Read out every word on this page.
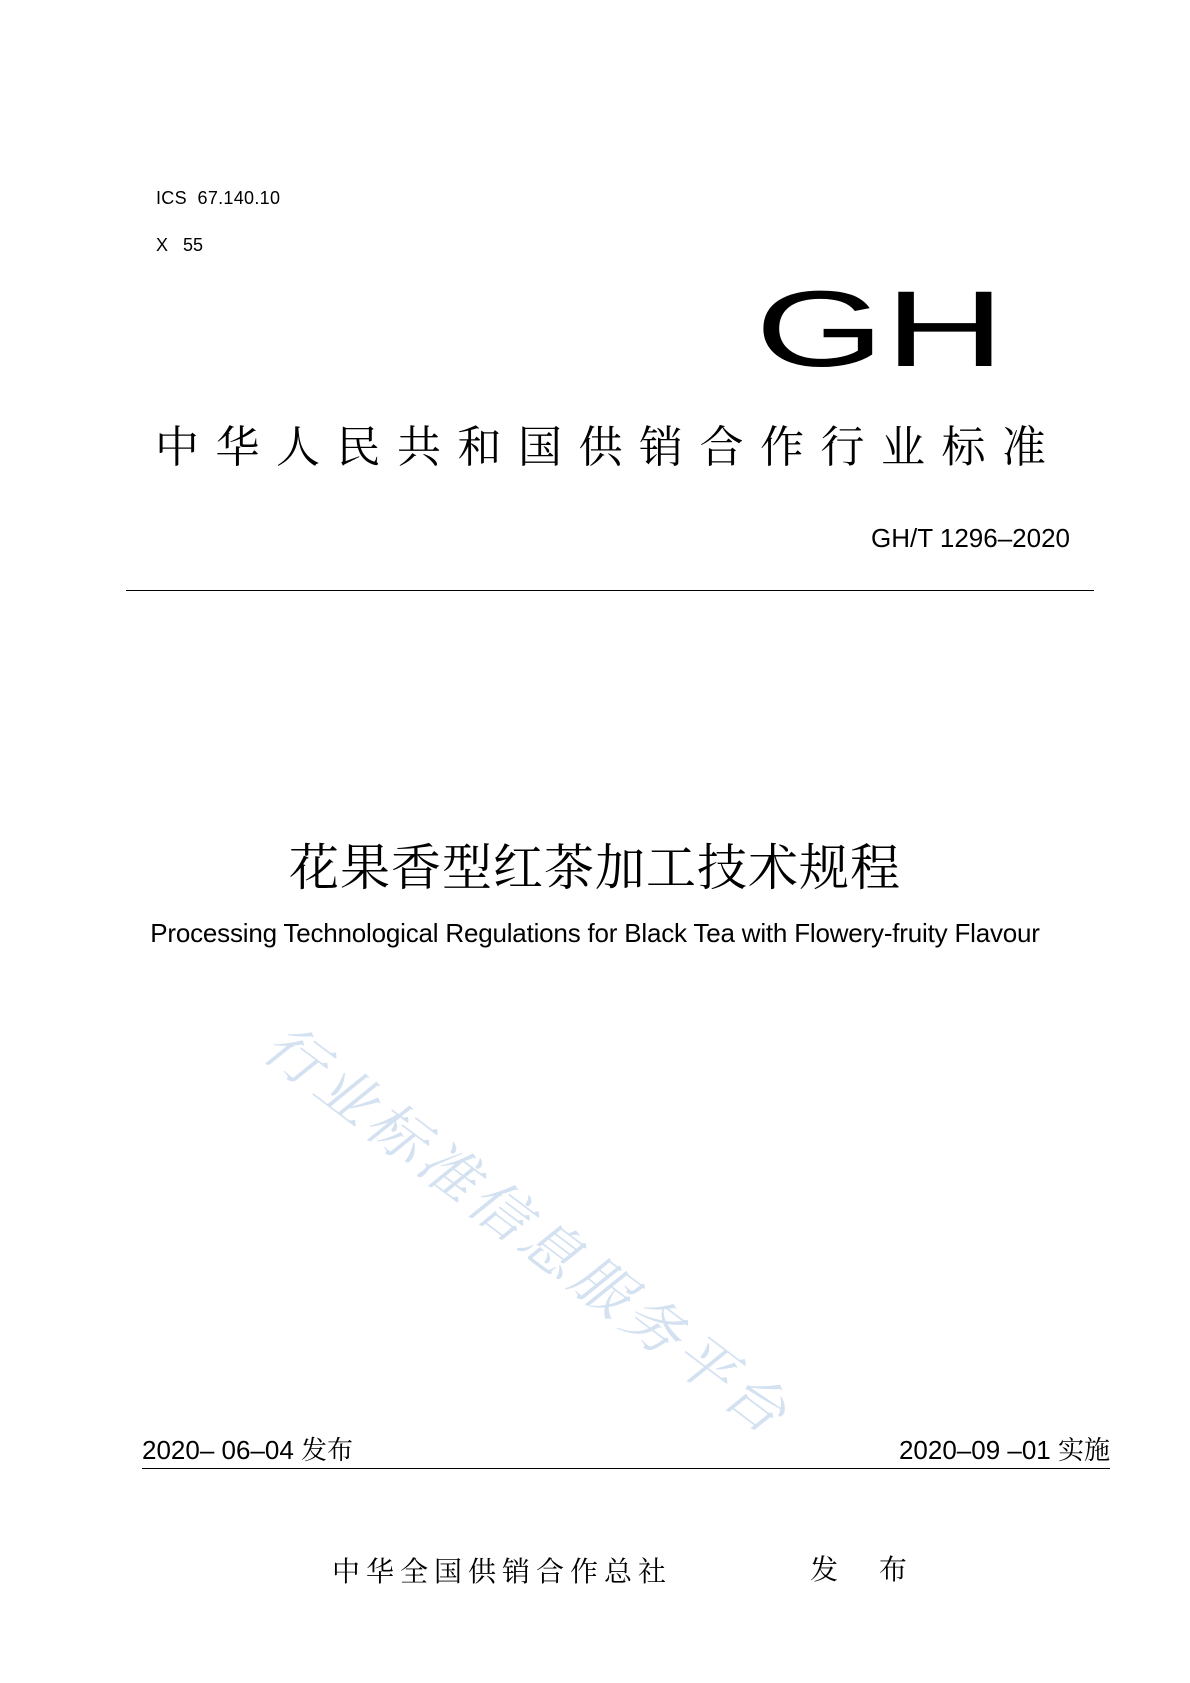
ICS  67.140.10
X   55
GH
中华人民共和国供销合作行业标准
GH/T 1296–2020
花果香型红茶加工技术规程
Processing Technological Regulations for Black Tea with Flowery-fruity Flavour
行业标准信息服务平台
2020– 06–04 发布	2020–09 –01 实施
中华全国供销合作总社	发 布
